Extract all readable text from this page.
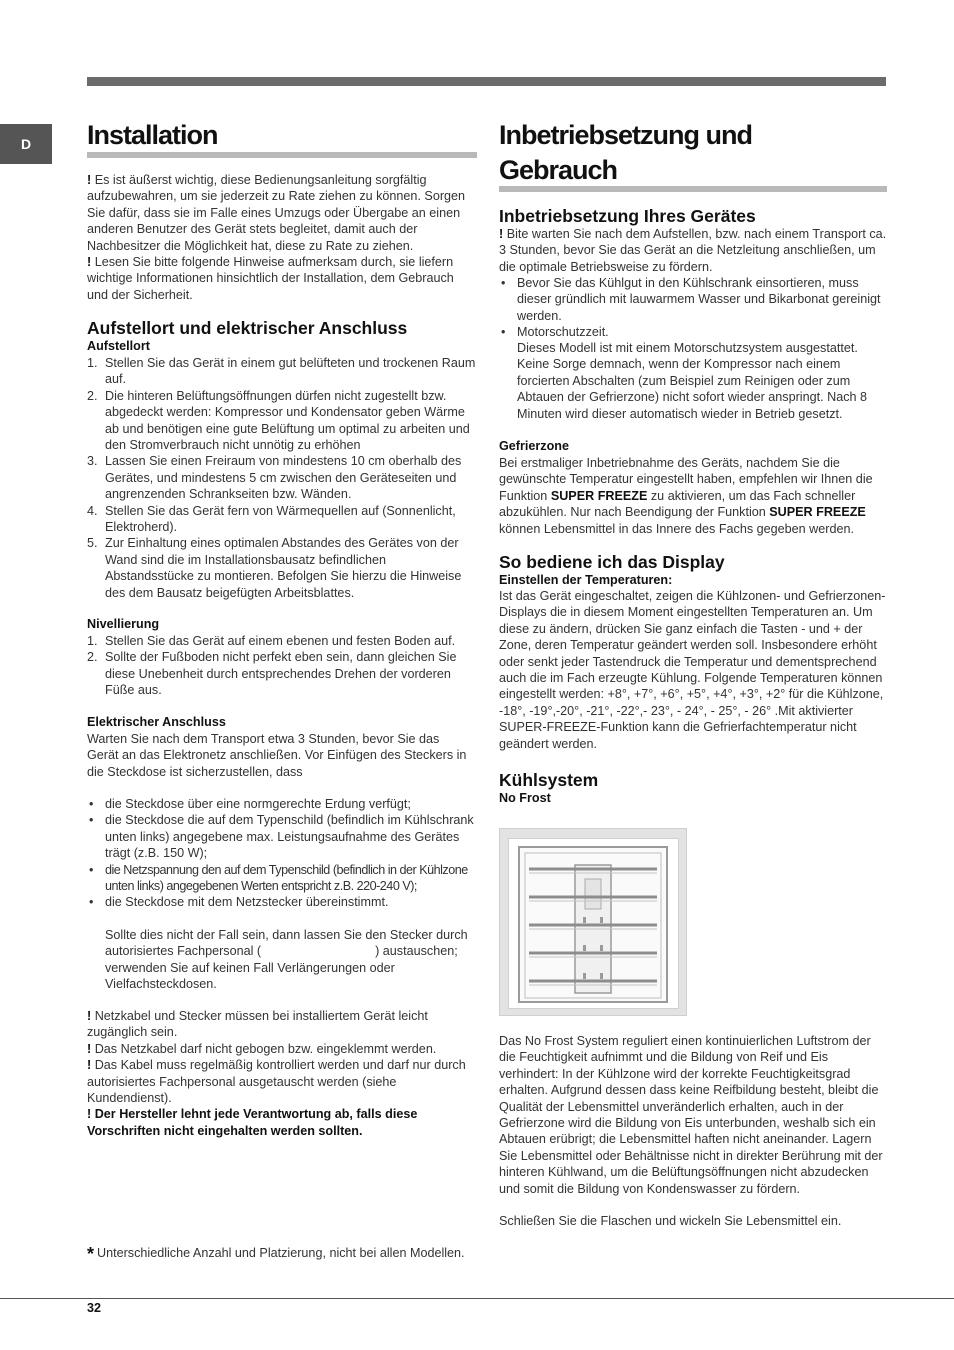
D	Installation

! Es ist äußerst wichtig, diese Bedienungsanleitung sorgfältig aufzubewahren, um sie jederzeit zu Rate ziehen zu können. Sorgen Sie dafür, dass sie im Falle eines Umzugs oder Übergabe an einen anderen Benutzer des Gerät stets begleitet, damit auch der Nachbesitzer die Möglichkeit hat, diese zu Rate zu ziehen.

! Lesen Sie bitte folgende Hinweise aufmerksam durch, sie liefern wichtige Informationen hinsichtlich der Installation, dem Gebrauch und der Sicherheit.

Aufstellort und elektrischer Anschluss
Aufstellort
1. Stellen Sie das Gerät in einem gut belüfteten und trockenen Raum auf.
2. Die hinteren Belüftungsöffnungen dürfen nicht zugestellt bzw. abgedeckt werden: Kompressor und Kondensator geben Wärme ab und benötigen eine gute Belüftung um optimal zu arbeiten und den Stromverbrauch nicht unnötig zu erhöhen
3. Lassen Sie einen Freiraum von mindestens 10 cm oberhalb des Gerätes, und mindestens 5 cm zwischen den Geräteseiten und angrenzenden Schrankseiten bzw. Wänden.
4. Stellen Sie das Gerät fern von Wärmequellen auf (Sonnenlicht, Elektroherd).
5. Zur Einhaltung eines optimalen Abstandes des Gerätes von der Wand sind die im Installationsbausatz befindlichen Abstandsstücke zu montieren. Befolgen Sie hierzu die Hinweise des dem Bausatz beigefügten Arbeitsblattes.
Nivellierung
1. Stellen Sie das Gerät auf einem ebenen und festen Boden auf.
2. Sollte der Fußboden nicht perfekt eben sein, dann gleichen Sie diese Unebenheit durch entsprechendes Drehen der vorderen Füße aus.
Elektrischer Anschluss

Warten Sie nach dem Transport etwa 3 Stunden, bevor Sie das Gerät an das Elektronetz anschließen. Vor Einfügen des Steckers in die Steckdose ist sicherzustellen, dass

• die Steckdose über eine normgerechte Erdung verfügt;
• die Steckdose die auf dem Typenschild (befindlich im Kühlschrank unten links) angegebene max. Leistungsaufnahme des Gerätes trägt (z.B. 150 W);
• die Netzspannung den auf dem Typenschild (befindlich in der Kühlzone unten links) angegebenen Werten entspricht z.B. 220-240 V);
• die Steckdose mit dem Netzstecker übereinstimmt.

Sollte dies nicht der Fall sein, dann lassen Sie den Stecker durch autorisiertes Fachpersonal (	) austauschen; verwenden Sie auf keinen Fall Verlängerungen oder Vielfachsteckdosen.

! Netzkabel und Stecker müssen bei installiertem Gerät leicht zugänglich sein.

! Das Netzkabel darf nicht gebogen bzw. eingeklemmt werden.

! Das Kabel muss regelmäßig kontrolliert werden und darf nur durch autorisiertes Fachpersonal ausgetauscht werden (siehe Kundendienst).

! Der Hersteller lehnt jede Verantwortung ab, falls diese Vorschriften nicht eingehalten werden sollten.

Inbetriebsetzung und Gebrauch
Inbetriebsetzung Ihres Gerätes

! Bite warten Sie nach dem Aufstellen, bzw. nach einem Transport ca. 3 Stunden, bevor Sie das Gerät an die Netzleitung anschließen, um die optimale Betriebsweise zu fördern.

• Bevor Sie das Kühlgut in den Kühlschrank einsortieren, muss dieser gründlich mit lauwarmem Wasser und Bikarbonat gereinigt werden.
• Motorschutzzeit.

Dieses Modell ist mit einem Motorschutzsystem ausgestattet. Keine Sorge demnach, wenn der Kompressor nach einem forcierten Abschalten (zum Beispiel zum Reinigen oder zum Abtauen der Gefrierzone) nicht sofort wieder anspringt. Nach 8 Minuten wird dieser automatisch wieder in Betrieb gesetzt.

Gefrierzone

Bei erstmaliger Inbetriebnahme des Geräts, nachdem Sie die gewünschte Temperatur eingestellt haben, empfehlen wir Ihnen die Funktion SUPER FREEZE zu aktivieren, um das Fach schneller abzukühlen. Nur nach Beendigung der Funktion SUPER FREEZE können Lebensmittel in das Innere des Fachs gegeben werden.

So bediene ich das Display
Einstellen der Temperaturen:

Ist das Gerät eingeschaltet, zeigen die Kühlzonen- und Gefrierzonen-Displays die in diesem Moment eingestellten Temperaturen an. Um diese zu ändern, drücken Sie ganz einfach die Tasten - und + der Zone, deren Temperatur geändert werden soll. Insbesondere erhöht oder senkt jeder Tastendruck die Temperatur und dementsprechend auch die im Fach erzeugte Kühlung. Folgende Temperaturen können eingestellt werden: +8°, +7°, +6°, +5°, +4°, +3°, +2° für die Kühlzone, -18°, -19°,-20°, -21°, -22°,- 23°, - 24°, - 25°, - 26° .Mit aktivierter SUPER-FREEZE-Funktion kann die Gefrierfachtemperatur nicht geändert werden.

Kühlsystem
No Frost

Das No Frost System reguliert einen kontinuierlichen Luftstrom der die Feuchtigkeit aufnimmt und die Bildung von Reif und Eis verhindert: In der Kühlzone wird der korrekte Feuchtigkeitsgrad erhalten. Aufgrund dessen dass keine Reifbildung besteht, bleibt die Qualität der Lebensmittel unveränderlich erhalten, auch in der Gefrierzone wird die Bildung von Eis unterbunden, weshalb sich ein Abtauen erübrigt; die Lebensmittel haften nicht aneinander. Lagern Sie Lebensmittel oder Behältnisse nicht in direkter Berührung mit der hinteren Kühlwand, um die Belüftungsöffnungen nicht abzudecken und somit die Bildung von Kondenswasser zu fördern.

Schließen Sie die Flaschen und wickeln Sie Lebensmittel ein.

* Unterschiedliche Anzahl und Platzierung, nicht bei allen Modellen.
32
